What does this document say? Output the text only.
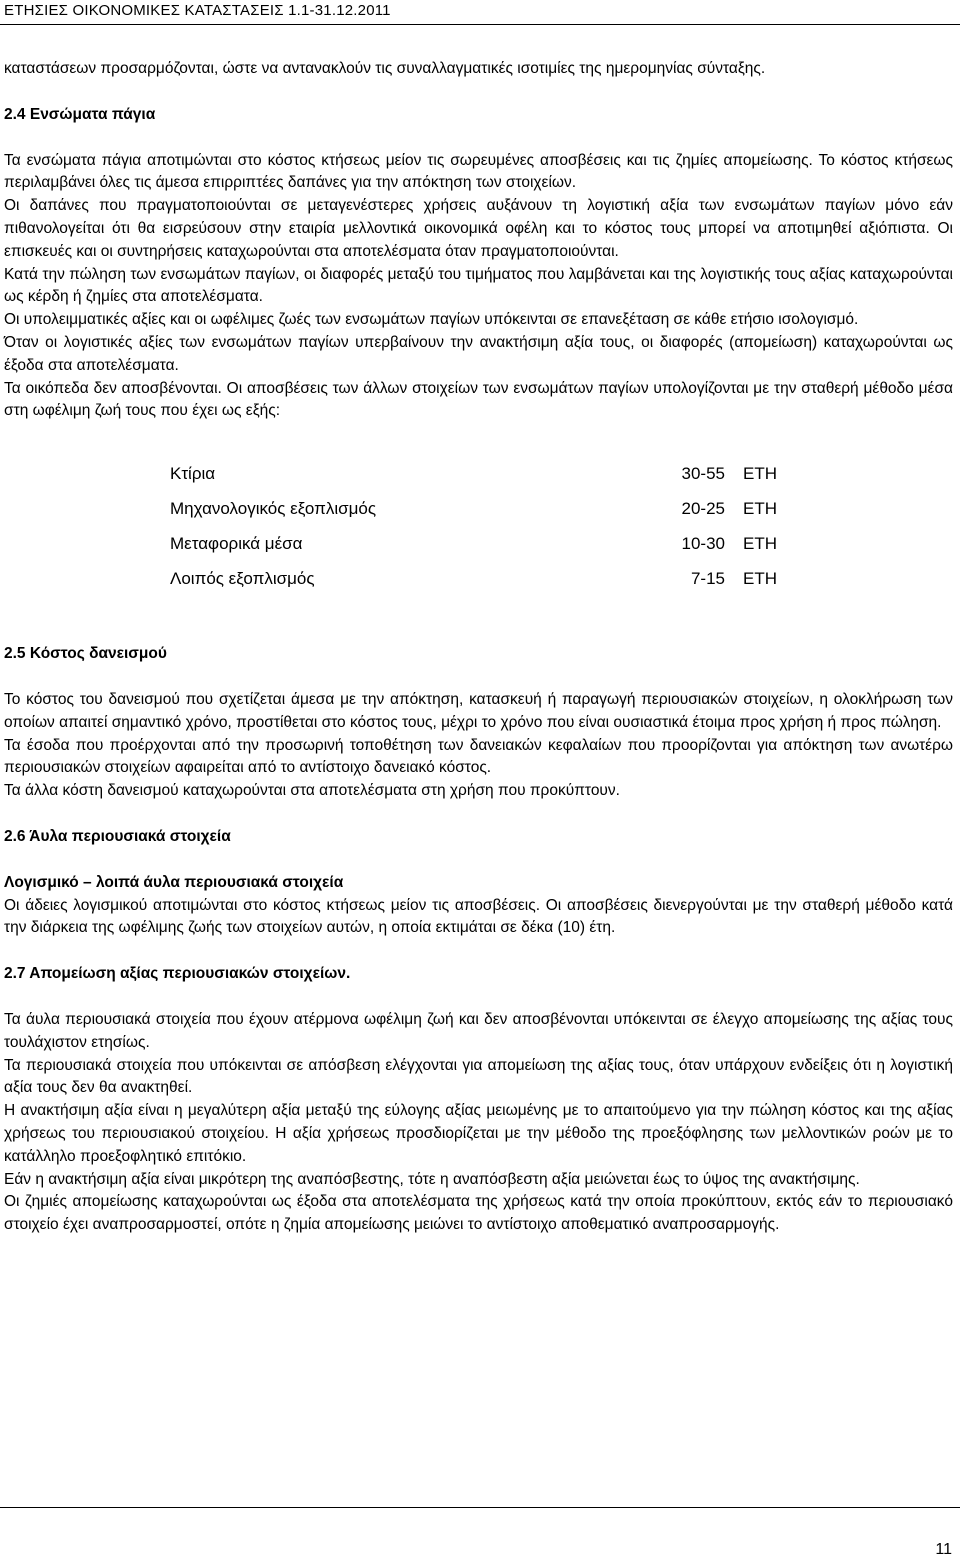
ΕΤΗΣΙΕΣ ΟΙΚΟΝΟΜΙΚΕΣ ΚΑΤΑΣΤΑΣΕΙΣ 1.1-31.12.2011

καταστάσεων προσαρμόζονται, ώστε να αντανακλούν τις συναλλαγματικές ισοτιμίες της ημερομηνίας σύνταξης.

2.4 Ενσώματα πάγια

Τα ενσώματα πάγια αποτιμώνται στο κόστος κτήσεως μείον τις σωρευμένες αποσβέσεις και τις ζημίες απομείωσης. Το κόστος κτήσεως περιλαμβάνει όλες τις άμεσα επιρριπτέες δαπάνες για την απόκτηση των στοιχείων.

Οι δαπάνες που πραγματοποιούνται σε μεταγενέστερες χρήσεις αυξάνουν τη λογιστική αξία των ενσωμάτων παγίων μόνο εάν πιθανολογείται ότι θα εισρεύσουν στην εταιρία μελλοντικά οικονομικά οφέλη και το κόστος τους μπορεί να αποτιμηθεί αξιόπιστα. Οι επισκευές και οι συντηρήσεις καταχωρούνται στα αποτελέσματα όταν πραγματοποιούνται.

Κατά την πώληση των ενσωμάτων παγίων, οι διαφορές μεταξύ του τιμήματος που λαμβάνεται και της λογιστικής τους αξίας καταχωρούνται ως κέρδη ή ζημίες στα αποτελέσματα.

Οι υπολειμματικές αξίες και οι ωφέλιμες ζωές των ενσωμάτων παγίων υπόκεινται σε επανεξέταση σε κάθε ετήσιο ισολογισμό.

Όταν οι λογιστικές αξίες των ενσωμάτων παγίων υπερβαίνουν την ανακτήσιμη αξία τους, οι διαφορές (απομείωση) καταχωρούνται ως έξοδα στα αποτελέσματα.

Τα οικόπεδα δεν αποσβένονται. Οι αποσβέσεις των άλλων στοιχείων των ενσωμάτων παγίων υπολογίζονται με την σταθερή μέθοδο μέσα στη ωφέλιμη ζωή τους που έχει ως εξής:

Κτίρια	30-55	ΕΤΗ
Μηχανολογικός εξοπλισμός	20-25	ΕΤΗ
Μεταφορικά μέσα	10-30	ΕΤΗ
Λοιπός εξοπλισμός	7-15	ΕΤΗ

2.5 Κόστος δανεισμού

Το κόστος του δανεισμού που σχετίζεται άμεσα με την απόκτηση, κατασκευή ή παραγωγή περιουσιακών στοιχείων, η ολοκλήρωση των οποίων απαιτεί σημαντικό χρόνο, προστίθεται στο κόστος τους, μέχρι το χρόνο που είναι ουσιαστικά έτοιμα προς χρήση ή προς πώληση.

Τα έσοδα που προέρχονται από την προσωρινή τοποθέτηση των δανειακών κεφαλαίων που προορίζονται για απόκτηση των ανωτέρω περιουσιακών στοιχείων αφαιρείται από το αντίστοιχο δανειακό κόστος.

Τα άλλα κόστη δανεισμού καταχωρούνται στα αποτελέσματα στη χρήση που προκύπτουν.

2.6 Άυλα περιουσιακά στοιχεία

Λογισμικό – λοιπά άυλα περιουσιακά στοιχεία

Οι άδειες λογισμικού αποτιμώνται στο κόστος κτήσεως μείον τις αποσβέσεις. Οι αποσβέσεις διενεργούνται με την σταθερή μέθοδο κατά την διάρκεια της ωφέλιμης ζωής των στοιχείων αυτών, η οποία εκτιμάται σε δέκα (10) έτη.

2.7 Απομείωση αξίας περιουσιακών στοιχείων.

Τα άυλα περιουσιακά στοιχεία που έχουν ατέρμονα ωφέλιμη ζωή και δεν αποσβένονται υπόκεινται σε έλεγχο απομείωσης της αξίας τους τουλάχιστον ετησίως.

Τα περιουσιακά στοιχεία που υπόκεινται σε απόσβεση ελέγχονται για απομείωση της αξίας τους, όταν υπάρχουν ενδείξεις ότι η λογιστική αξία τους δεν θα ανακτηθεί.

Η ανακτήσιμη αξία είναι η μεγαλύτερη αξία μεταξύ της εύλογης αξίας μειωμένης με το απαιτούμενο για την πώληση κόστος και της αξίας χρήσεως του περιουσιακού στοιχείου. Η αξία χρήσεως προσδιορίζεται με την μέθοδο της προεξόφλησης των μελλοντικών ροών με το κατάλληλο προεξοφλητικό επιτόκιο.

Εάν η ανακτήσιμη αξία είναι μικρότερη της αναπόσβεστης, τότε η αναπόσβεστη αξία μειώνεται έως το ύψος της ανακτήσιμης.

Οι ζημιές απομείωσης καταχωρούνται ως έξοδα στα αποτελέσματα της χρήσεως κατά την οποία προκύπτουν, εκτός εάν το περιουσιακό στοιχείο έχει αναπροσαρμοστεί, οπότε η ζημία απομείωσης μειώνει το αντίστοιχο αποθεματικό αναπροσαρμογής.

11
